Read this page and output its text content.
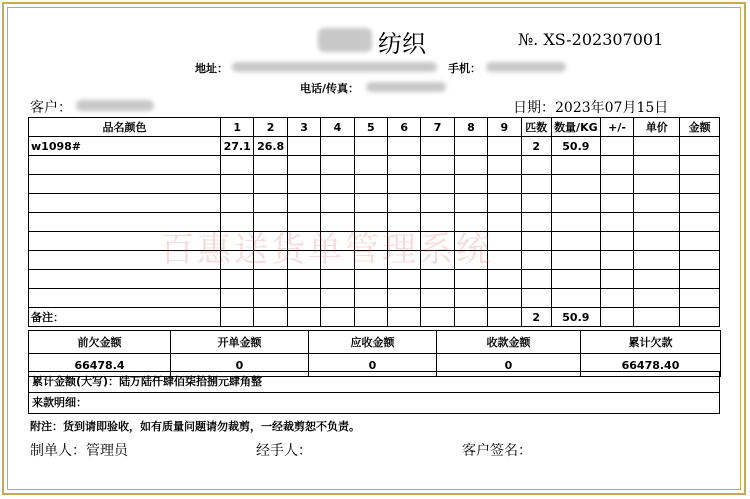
纺织	№. XS-202307001
地址：	手机：
电话/传真：
客户：	日期： 2023年07月15日
品名颜色	1	2	3	4	5	6	7	8	9	匹数	数量/KG	+/-	单价	金额
w1098#	27.1	26.8								2	50.9			

备注：										2	50.9			
前欠金额	开单金额	应收金额	收款金额	累计欠款
66478.4	0	0	0	66478.40
累计金额(大写)：陆万陆仟肆佰柒拾捌元肆角整
来款明细：
附注：货到请即验收，如有质量问题请勿裁剪，一经裁剪恕不负责。
制单人： 管理员	经手人：	客户签名：
百惠送货单管理系统
